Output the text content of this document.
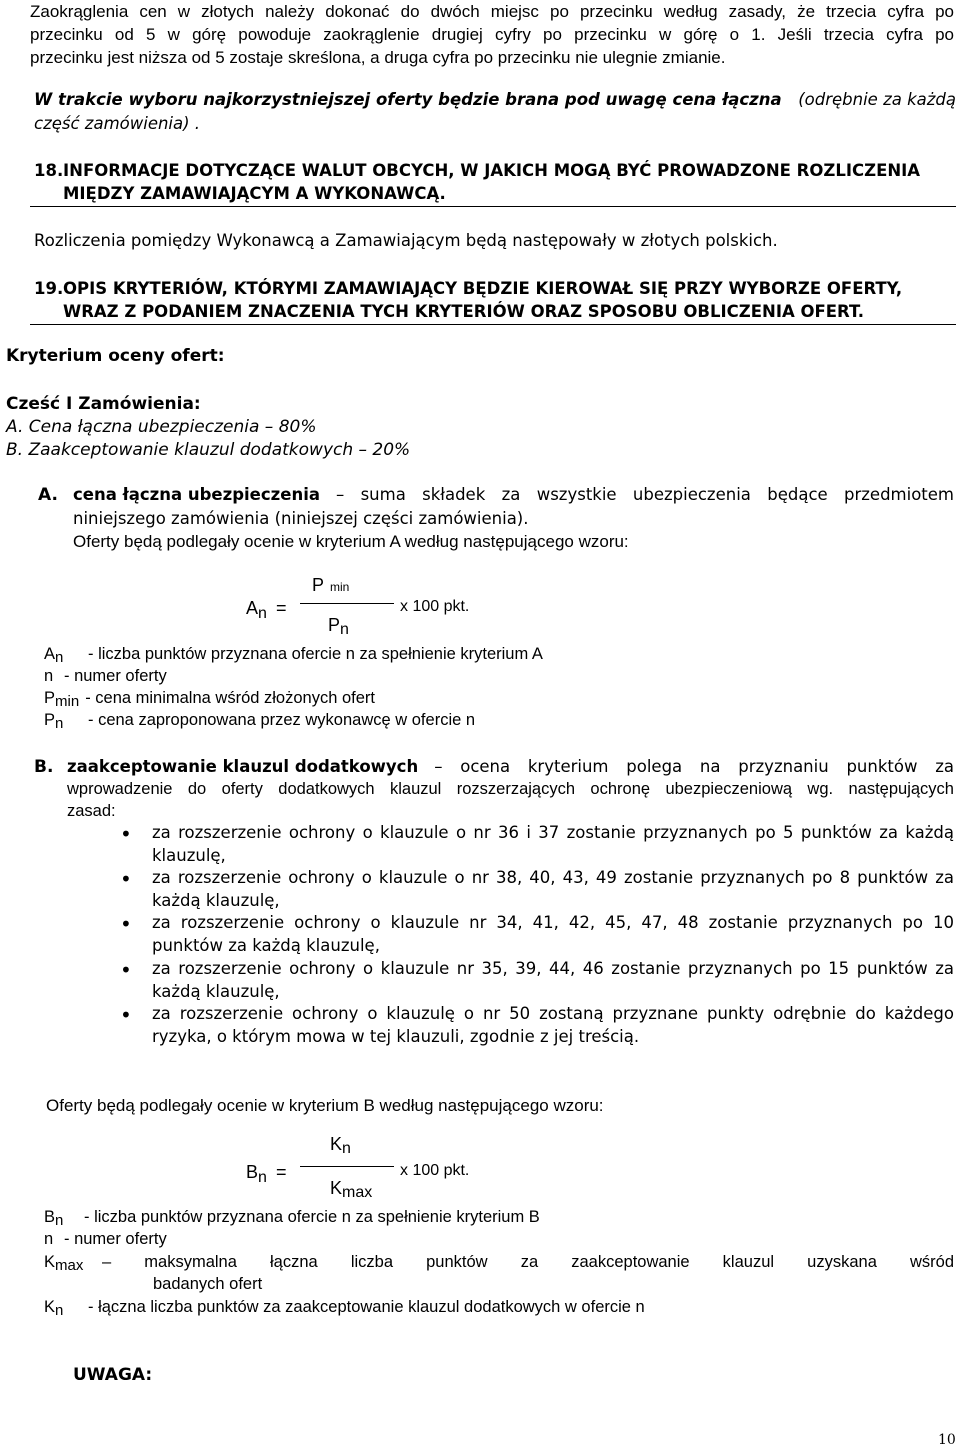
Zaokrąglenia cen w złotych należy dokonać do dwóch miejsc po przecinku według zasady, że trzecia cyfra po
przecinku od 5 w górę powoduje zaokrąglenie drugiej cyfry po przecinku w górę o 1. Jeśli trzecia cyfra po
przecinku jest niższa od 5 zostaje skreślona, a druga cyfra po przecinku nie ulegnie zmianie.
W trakcie wyboru najkorzystniejszej oferty będzie brana pod uwagę cena łączna (odrębnie za każdą
część zamówienia) .
18. INFORMACJE DOTYCZĄCE WALUT OBCYCH, W JAKICH MOGĄ BYĆ PROWADZONE ROZLICZENIA
MIĘDZY ZAMAWIAJĄCYM A WYKONAWCĄ.
Rozliczenia pomiędzy Wykonawcą a Zamawiającym będą następowały w złotych polskich.
19. OPIS KRYTERIÓW, KTÓRYMI ZAMAWIAJĄCY BĘDZIE KIEROWAŁ SIĘ PRZY WYBORZE OFERTY,
WRAZ Z PODANIEM ZNACZENIA TYCH KRYTERIÓW ORAZ SPOSOBU OBLICZENIA OFERT.
Kryterium oceny ofert:
Cześć I Zamówienia:
A. Cena łączna ubezpieczenia – 80%
B. Zaakceptowanie klauzul dodatkowych – 20%
A. cena łączna ubezpieczenia – suma składek za wszystkie ubezpieczenia będące przedmiotem
niniejszego zamówienia (niniejszej części zamówienia).
Oferty będą podlegały ocenie w kryterium A według następującego wzoru:
An =
Pmin
x 100 pkt.
Pn
An - liczba punktów przyznana ofercie n za spełnienie kryterium A
n - numer oferty
Pmin - cena minimalna wśród złożonych ofert
Pn - cena zaproponowana przez wykonawcę w ofercie n
B. zaakceptowanie klauzul dodatkowych – ocena kryterium polega na przyznaniu punktów za
wprowadzenie do oferty dodatkowych klauzul rozszerzających ochronę ubezpieczeniową wg. następujących
zasad:
• za rozszerzenie ochrony o klauzule o nr 36 i 37 zostanie przyznanych po 5 punktów za każdą
klauzulę,
• za rozszerzenie ochrony o klauzule o nr 38, 40, 43, 49 zostanie przyznanych po 8 punktów za
każdą klauzulę,
• za rozszerzenie ochrony o klauzule nr 34, 41, 42, 45, 47, 48 zostanie przyznanych po 10
punktów za każdą klauzulę,
• za rozszerzenie ochrony o klauzule nr 35, 39, 44, 46 zostanie przyznanych po 15 punktów za
każdą klauzulę,
• za rozszerzenie ochrony o klauzulę o nr 50 zostaną przyznane punkty odrębnie do każdego
ryzyka, o którym mowa w tej klauzuli, zgodnie z jej treścią.
Oferty będą podlegały ocenie w kryterium B według następującego wzoru:
Kn
Bn =	x 100 pkt.
Kmax
Bn - liczba punktów przyznana ofercie n za spełnienie kryterium B
n - numer oferty
Kmax	– maksymalna łączna liczba punktów za zaakceptowanie klauzul uzyskana wśród
badanych ofert
Kn - łączna liczba punktów za zaakceptowanie klauzul dodatkowych w ofercie n
UWAGA:
10
